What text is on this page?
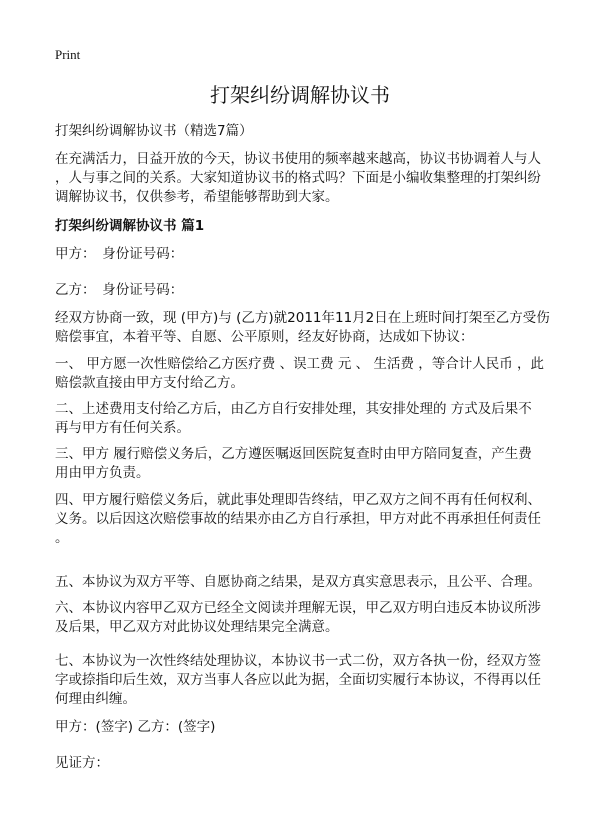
Print
打架纠纷调解协议书
打架纠纷调解协议书（精选7篇）
在充满活力，日益开放的今天，协议书使用的频率越来越高，协议书协调着人与人
，人与事之间的关系。大家知道协议书的格式吗？下面是小编收集整理的打架纠纷
调解协议书，仅供参考，希望能够帮助到大家。
打架纠纷调解协议书 篇1
甲方：　身份证号码：
乙方：　身份证号码：
经双方协商一致，现 (甲方)与 (乙方)就2011年11月2日在上班时间打架至乙方受伤
赔偿事宜，本着平等、自愿、公平原则，经友好协商，达成如下协议：
一、 甲方愿一次性赔偿给乙方医疗费 、误工费 元 、 生活费 ，等合计人民币 ，此
赔偿款直接由甲方支付给乙方。
二、上述费用支付给乙方后，由乙方自行安排处理，其安排处理的 方式及后果不
再与甲方有任何关系。
三、甲方 履行赔偿义务后，乙方遵医嘱返回医院复查时由甲方陪同复查，产生费
用由甲方负责。
四、甲方履行赔偿义务后，就此事处理即告终结，甲乙双方之间不再有任何权利、
义务。以后因这次赔偿事故的结果亦由乙方自行承担，甲方对此不再承担任何责任
。
五、本协议为双方平等、自愿协商之结果，是双方真实意思表示，且公平、合理。
六、本协议内容甲乙双方已经全文阅读并理解无误，甲乙双方明白违反本协议所涉
及后果，甲乙双方对此协议处理结果完全满意。
七、本协议为一次性终结处理协议，本协议书一式二份，双方各执一份，经双方签
字或捺指印后生效，双方当事人各应以此为据，全面切实履行本协议，不得再以任
何理由纠缠。
甲方：(签字) 乙方：(签字)
见证方：
